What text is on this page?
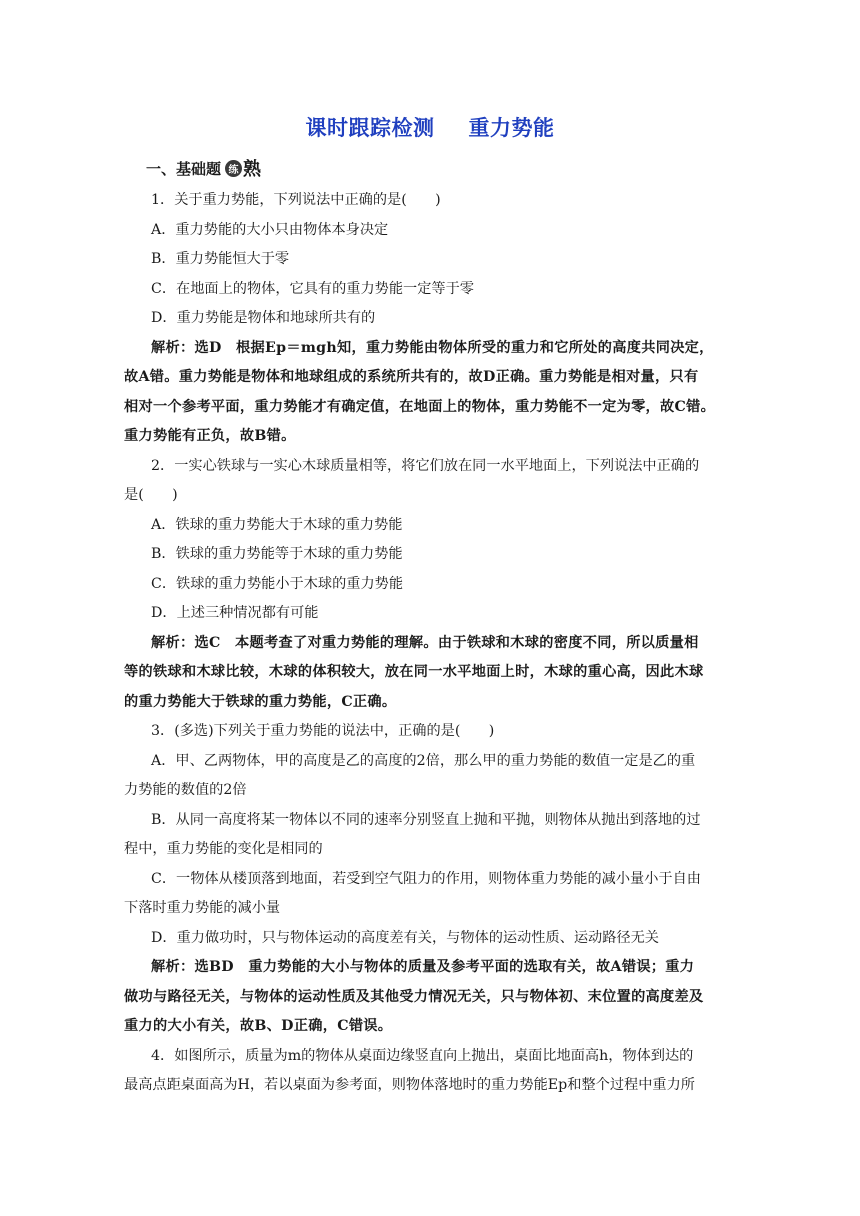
课时跟踪检测 重力势能
一、基础题 练 熟
1．关于重力势能，下列说法中正确的是(　　)
A．重力势能的大小只由物体本身决定
B．重力势能恒大于零
C．在地面上的物体，它具有的重力势能一定等于零
D．重力势能是物体和地球所共有的
解析：选D　根据Ep＝mgh知，重力势能由物体所受的重力和它所处的高度共同决定，
故A错。重力势能是物体和地球组成的系统所共有的，故D正确。重力势能是相对量，只有
相对一个参考平面，重力势能才有确定值，在地面上的物体，重力势能不一定为零，故C错。
重力势能有正负，故B错。
2．一实心铁球与一实心木球质量相等，将它们放在同一水平地面上，下列说法中正确的
是(　　)
A．铁球的重力势能大于木球的重力势能
B．铁球的重力势能等于木球的重力势能
C．铁球的重力势能小于木球的重力势能
D．上述三种情况都有可能
解析：选C　本题考查了对重力势能的理解。由于铁球和木球的密度不同，所以质量相
等的铁球和木球比较，木球的体积较大，放在同一水平地面上时，木球的重心高，因此木球
的重力势能大于铁球的重力势能，C正确。
3．(多选)下列关于重力势能的说法中，正确的是(　　)
A．甲、乙两物体，甲的高度是乙的高度的2倍，那么甲的重力势能的数值一定是乙的重
力势能的数值的2倍
B．从同一高度将某一物体以不同的速率分别竖直上抛和平抛，则物体从抛出到落地的过
程中，重力势能的变化是相同的
C．一物体从楼顶落到地面，若受到空气阻力的作用，则物体重力势能的减小量小于自由
下落时重力势能的减小量
D．重力做功时，只与物体运动的高度差有关，与物体的运动性质、运动路径无关
解析：选BD　重力势能的大小与物体的质量及参考平面的选取有关，故A错误；重力
做功与路径无关，与物体的运动性质及其他受力情况无关，只与物体初、末位置的高度差及
重力的大小有关，故B、D正确，C错误。
4．如图所示，质量为m的物体从桌面边缘竖直向上抛出，桌面比地面高h，物体到达的
最高点距桌面高为H，若以桌面为参考面，则物体落地时的重力势能Ep和整个过程中重力所
